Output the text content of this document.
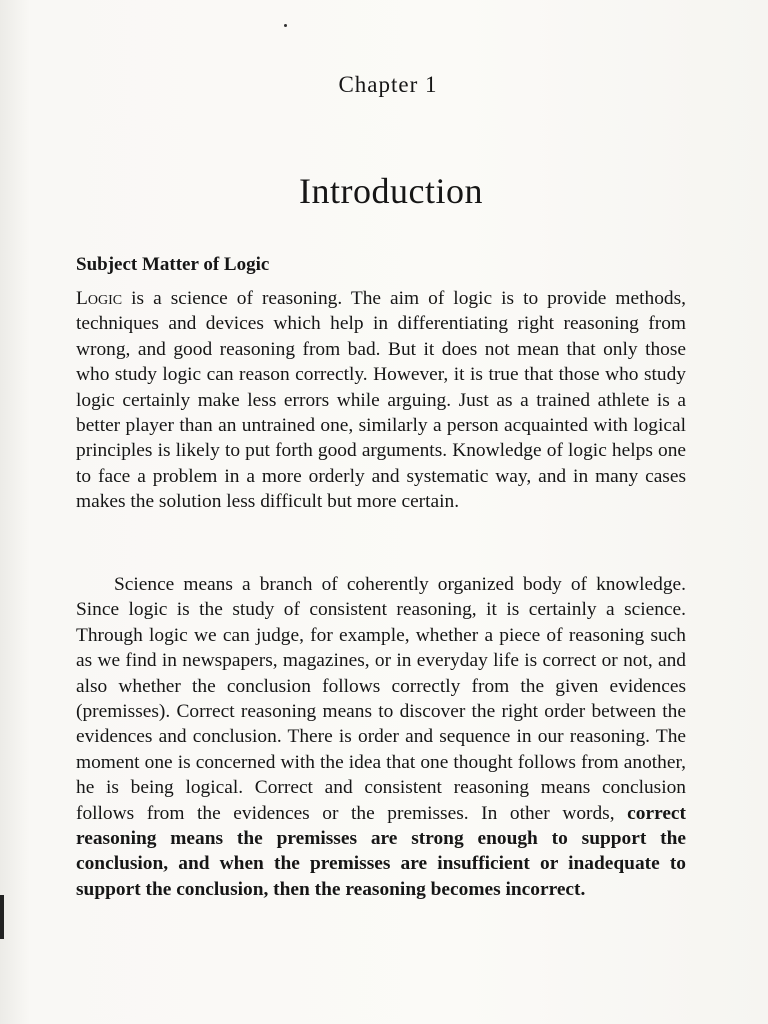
Chapter 1
Introduction
Subject Matter of Logic

Logic is a science of reasoning. The aim of logic is to provide methods, techniques and devices which help in differentiating right reasoning from wrong, and good reasoning from bad. But it does not mean that only those who study logic can reason correctly. However, it is true that those who study logic certainly make less errors while arguing. Just as a trained athlete is a better player than an untrained one, similarly a person acquainted with logical principles is likely to put forth good arguments. Knowledge of logic helps one to face a problem in a more orderly and systematic way, and in many cases makes the solution less difficult but more certain.

Science means a branch of coherently organized body of knowledge. Since logic is the study of consistent reasoning, it is certainly a science. Through logic we can judge, for example, whether a piece of reasoning such as we find in newspapers, magazines, or in everyday life is correct or not, and also whether the conclusion follows correctly from the given evidences (premisses). Correct reasoning means to discover the right order between the evidences and conclusion. There is order and sequence in our reasoning. The moment one is concerned with the idea that one thought follows from another, he is being logical. Correct and consistent reasoning means conclusion follows from the evidences or the premisses. In other words, correct reasoning means the premisses are strong enough to support the conclusion, and when the premisses are insufficient or inadequate to support the conclusion, then the reasoning becomes incorrect.
